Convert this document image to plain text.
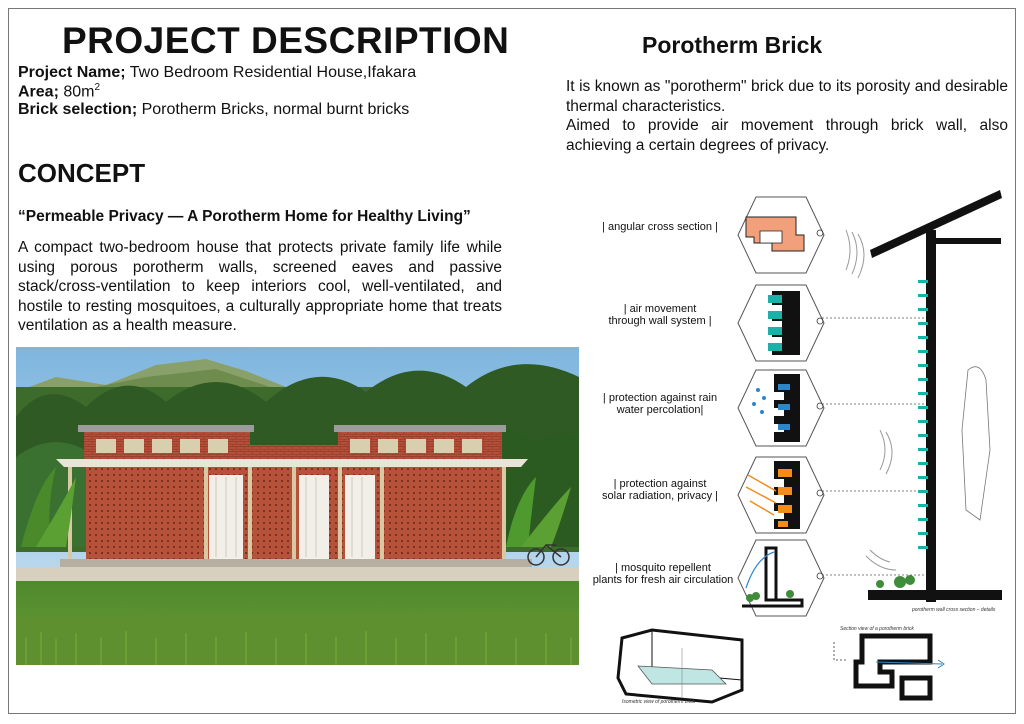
PROJECT DESCRIPTION
Project Name; Two Bedroom Residential House,Ifakara
Area; $80m^2$
Brick selection; Porotherm Bricks, normal burnt bricks
CONCEPT
“Permeable Privacy — A Porotherm Home for Healthy Living”
A compact two-bedroom house that protects private family life while using porous porotherm walls, screened eaves and passive stack/cross-ventilation to keep interiors cool, well-ventilated, and hostile to resting mosquitoes, a culturally appropriate home that treats ventilation as a health measure.
Porotherm Brick
It is known as "porotherm" brick due to its porosity and desirable thermal characteristics.
Aimed to provide air movement through brick wall, also achieving a certain degrees of privacy.
| angular cross section |
| air movement
through wall system |
| protection against rain
water percolation|
| protection against
solar radiation, privacy |
| mosquito repellent
plants for fresh air circulation
porotherm wall cross section – details
Isometric view of porotherm brick
Section view of a porotherm brick
